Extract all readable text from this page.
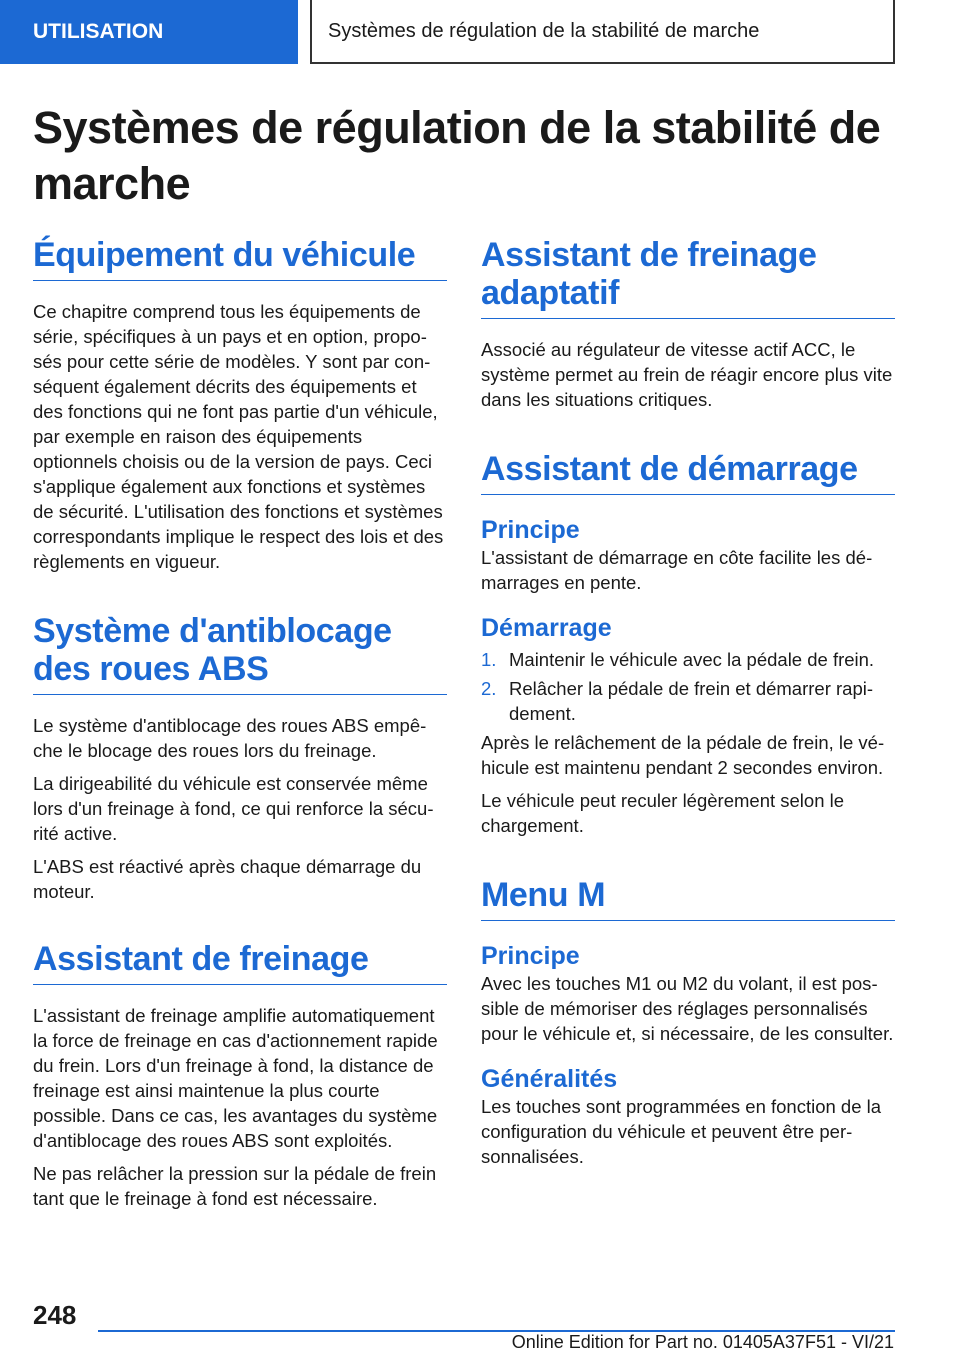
UTILISATION	Systèmes de régulation de la stabilité de marche
Systèmes de régulation de la stabilité de marche
Équipement du véhicule

Ce chapitre comprend tous les équipements de série, spécifiques à un pays et en option, proposés pour cette série de modèles. Y sont par conséquent également décrits des équipements et des fonctions qui ne font pas partie d'un véhicule, par exemple en raison des équipements optionnels choisis ou de la version de pays. Ceci s'applique également aux fonctions et systèmes de sécurité. L'utilisation des fonctions et systèmes correspondants implique le respect des lois et des règlements en vigueur.

Système d'antiblocage des roues ABS

Le système d'antiblocage des roues ABS empêche le blocage des roues lors du freinage.

La dirigeabilité du véhicule est conservée même lors d'un freinage à fond, ce qui renforce la sécurité active.

L'ABS est réactivé après chaque démarrage du moteur.

Assistant de freinage

L'assistant de freinage amplifie automatiquement la force de freinage en cas d'actionnement rapide du frein. Lors d'un freinage à fond, la distance de freinage est ainsi maintenue la plus courte possible. Dans ce cas, les avantages du système d'antiblocage des roues ABS sont exploités.

Ne pas relâcher la pression sur la pédale de frein tant que le freinage à fond est nécessaire.

Assistant de freinage adaptatif

Associé au régulateur de vitesse actif ACC, le système permet au frein de réagir encore plus vite dans les situations critiques.

Assistant de démarrage
Principe

L'assistant de démarrage en côte facilite les démarrages en pente.

Démarrage
1. Maintenir le véhicule avec la pédale de frein.
2. Relâcher la pédale de frein et démarrer rapidement.

Après le relâchement de la pédale de frein, le véhicule est maintenu pendant 2 secondes environ.

Le véhicule peut reculer légèrement selon le chargement.

Menu M
Principe

Avec les touches M1 ou M2 du volant, il est possible de mémoriser des réglages personnalisés pour le véhicule et, si nécessaire, de les consulter.

Généralités

Les touches sont programmées en fonction de la configuration du véhicule et peuvent être personnalisées.

248
Online Edition for Part no. 01405A37F51 - VI/21
